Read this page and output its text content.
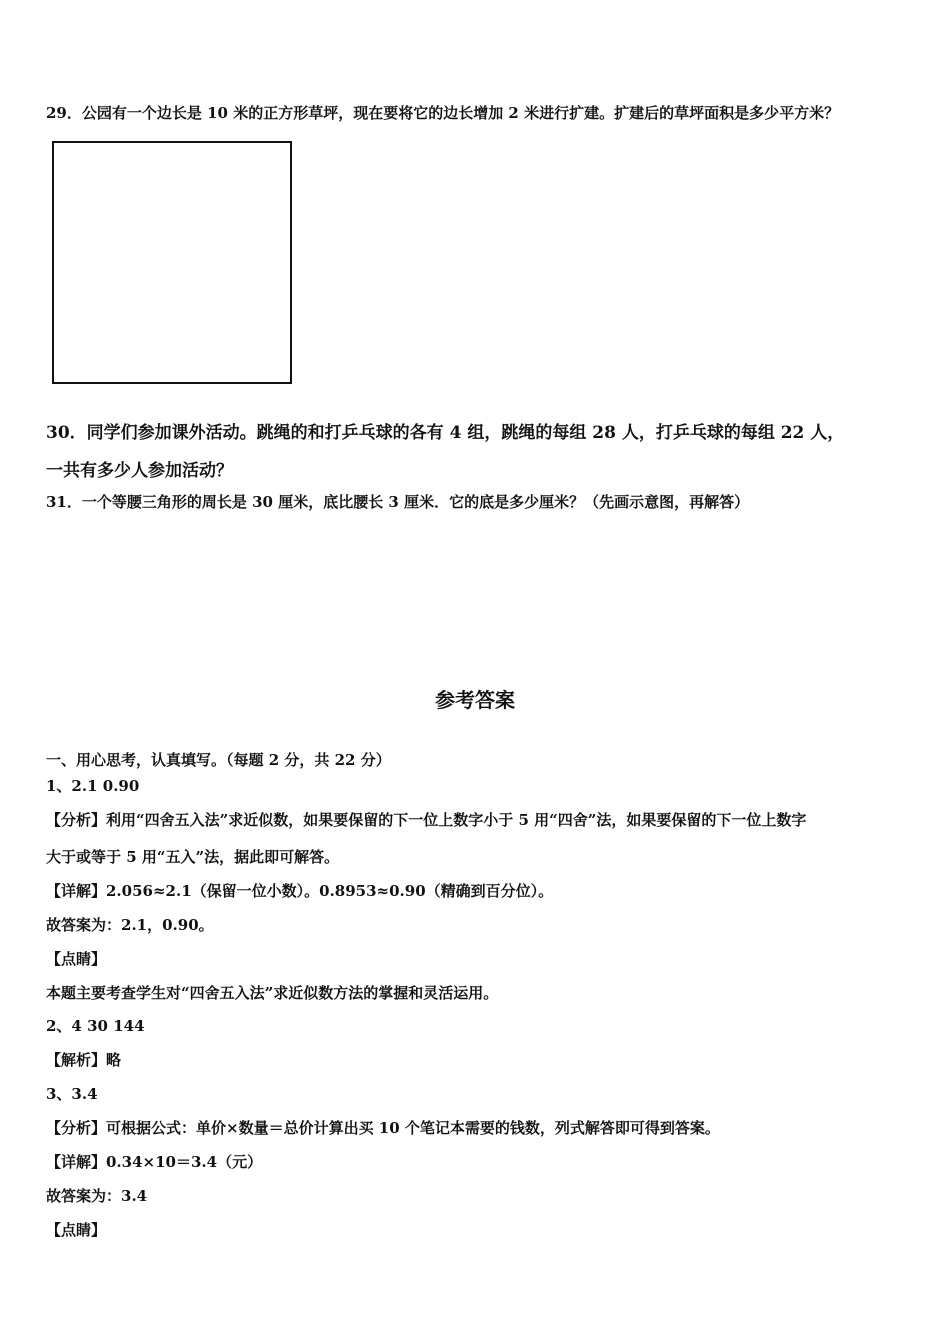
29．公园有一个边长是 10 米的正方形草坪，现在要将它的边长增加 2 米进行扩建。扩建后的草坪面积是多少平方米？
30．同学们参加课外活动。跳绳的和打乒乓球的各有 4 组，跳绳的每组 28 人，打乒乓球的每组 22 人，
一共有多少人参加活动？
31．一个等腰三角形的周长是 30 厘米，底比腰长 3 厘米．它的底是多少厘米？（先画示意图，再解答）
参考答案
一、用心思考，认真填写。（每题 2 分，共 22 分）
1、2.1 0.90
【分析】利用“四舍五入法”求近似数，如果要保留的下一位上数字小于 5 用“四舍”法，如果要保留的下一位上数字
大于或等于 5 用“五入”法，据此即可解答。
【详解】2.056≈2.1（保留一位小数）。0.8953≈0.90（精确到百分位）。
故答案为：2.1，0.90。
【点睛】
本题主要考查学生对“四舍五入法”求近似数方法的掌握和灵活运用。
2、4 30 144
【解析】略
3、3.4
【分析】可根据公式：单价×数量＝总价计算出买 10 个笔记本需要的钱数，列式解答即可得到答案。
【详解】0.34×10＝3.4（元）
故答案为：3.4
【点睛】
